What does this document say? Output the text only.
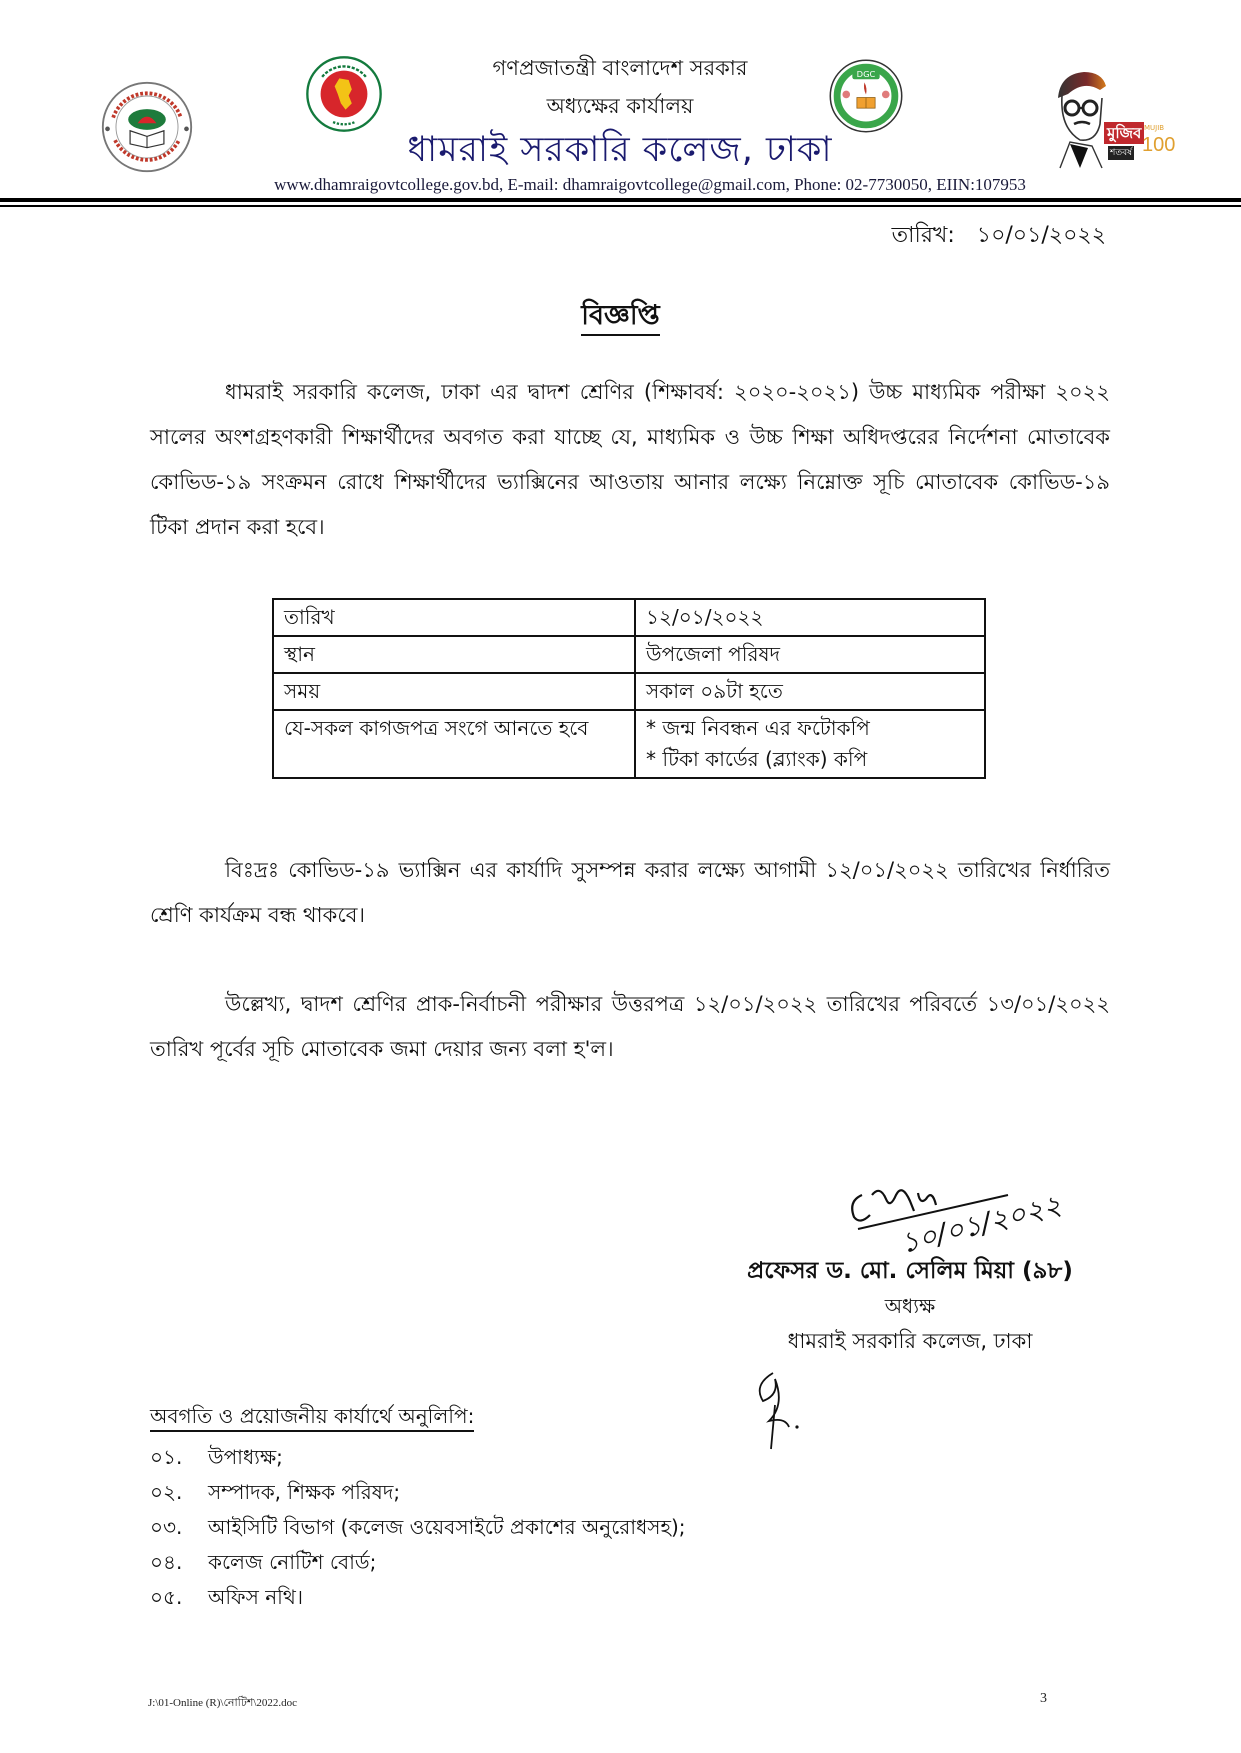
গণপ্রজাতন্ত্রী বাংলাদেশ সরকার
অধ্যক্ষের কার্যালয়
ধামরাই সরকারি কলেজ, ঢাকা
DGC
মুজিব
শতবর্ষ
MUJIB
100
www.dhamraigovtcollege.gov.bd, E-mail: dhamraigovtcollege@gmail.com, Phone: 02-7730050, EIIN:107953
তারিখ: ১০/০১/২০২২
বিজ্ঞপ্তি
ধামরাই সরকারি কলেজ, ঢাকা এর দ্বাদশ শ্রেণির (শিক্ষাবর্ষ: ২০২০-২০২১) উচ্চ মাধ্যমিক পরীক্ষা ২০২২ সালের অংশগ্রহণকারী শিক্ষার্থীদের অবগত করা যাচ্ছে যে, মাধ্যমিক ও উচ্চ শিক্ষা অধিদপ্তরের নির্দেশনা মোতাবেক কোভিড-১৯ সংক্রমন রোধে শিক্ষার্থীদের ভ্যাক্সিনের আওতায় আনার লক্ষ্যে নিম্নোক্ত সূচি মোতাবেক কোভিড-১৯ টিকা প্রদান করা হবে।
তারিখ	১২/০১/২০২২

স্থান	উপজেলা পরিষদ

সময়	সকাল ০৯টা হতে

যে-সকল কাগজপত্র সংগে আনতে হবে	* জন্ম নিবন্ধন এর ফটোকপি
* টিকা কার্ডের (ব্ল্যাংক) কপি
বিঃদ্রঃ কোভিড-১৯ ভ্যাক্সিন এর কার্যাদি সুসম্পন্ন করার লক্ষ্যে আগামী ১২/০১/২০২২ তারিখের নির্ধারিত শ্রেণি কার্যক্রম বন্ধ থাকবে।
উল্লেখ্য, দ্বাদশ শ্রেণির প্রাক-নির্বাচনী পরীক্ষার উত্তরপত্র ১২/০১/২০২২ তারিখের পরিবর্তে ১৩/০১/২০২২ তারিখ পূর্বের সূচি মোতাবেক জমা দেয়ার জন্য বলা হ'ল।
১০/০১/২০২২
প্রফেসর ড. মো. সেলিম মিয়া (৯৮)
অধ্যক্ষ
ধামরাই সরকারি কলেজ, ঢাকা
অবগতি ও প্রয়োজনীয় কার্যার্থে অনুলিপি:
০১.	উপাধ্যক্ষ;
০২.	সম্পাদক, শিক্ষক পরিষদ;
০৩.	আইসিটি বিভাগ (কলেজ ওয়েবসাইটে প্রকাশের অনুরোধসহ);
০৪.	কলেজ নোটিশ বোর্ড;
০৫.	অফিস নথি।
J:\01-Online (R)\নোটিশ\2022.doc	3
